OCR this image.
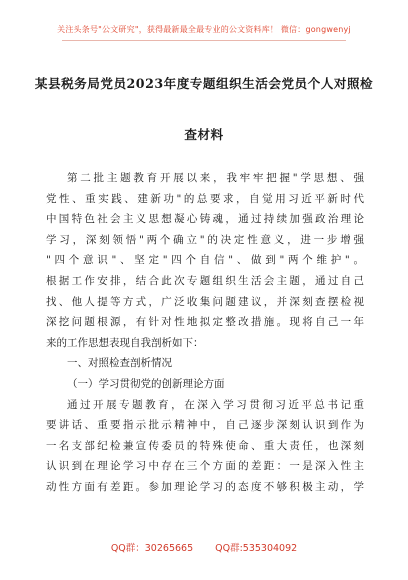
关注头条号"公文研究"，获得最新最全最专业的公文资料库！ 微信：gongwenyj
某县税务局党员2023年度专题组织生活会党员个人对照检
查材料
第二批主题教育开展以来，我牢牢把握"学思想、强
党性、重实践、建新功"的总要求，自觉用习近平新时代
中国特色社会主义思想凝心铸魂，通过持续加强政治理论
学习，深刻领悟"两个确立"的决定性意义，进一步增强
"四个意识"、坚定"四个自信"、做到"两个维护"。
根据工作安排，结合此次专题组织生活会主题，通过自己
找、他人提等方式，广泛收集问题建议，并深刻查摆检视
深挖问题根源，有针对性地拟定整改措施。现将自己一年
来的工作思想表现自我剖析如下：
一、对照检查剖析情况
（一）学习贯彻党的创新理论方面
通过开展专题教育，在深入学习贯彻习近平总书记重
要讲话、重要指示批示精神中，自己逐步深刻认识到作为
一名支部纪检兼宣传委员的特殊使命、重大责任，也深刻
认识到在理论学习中存在三个方面的差距：一是深入性主
动性方面有差距。参加理论学习的态度不够积极主动，学
QQ群：30265665 QQ群:535304092
